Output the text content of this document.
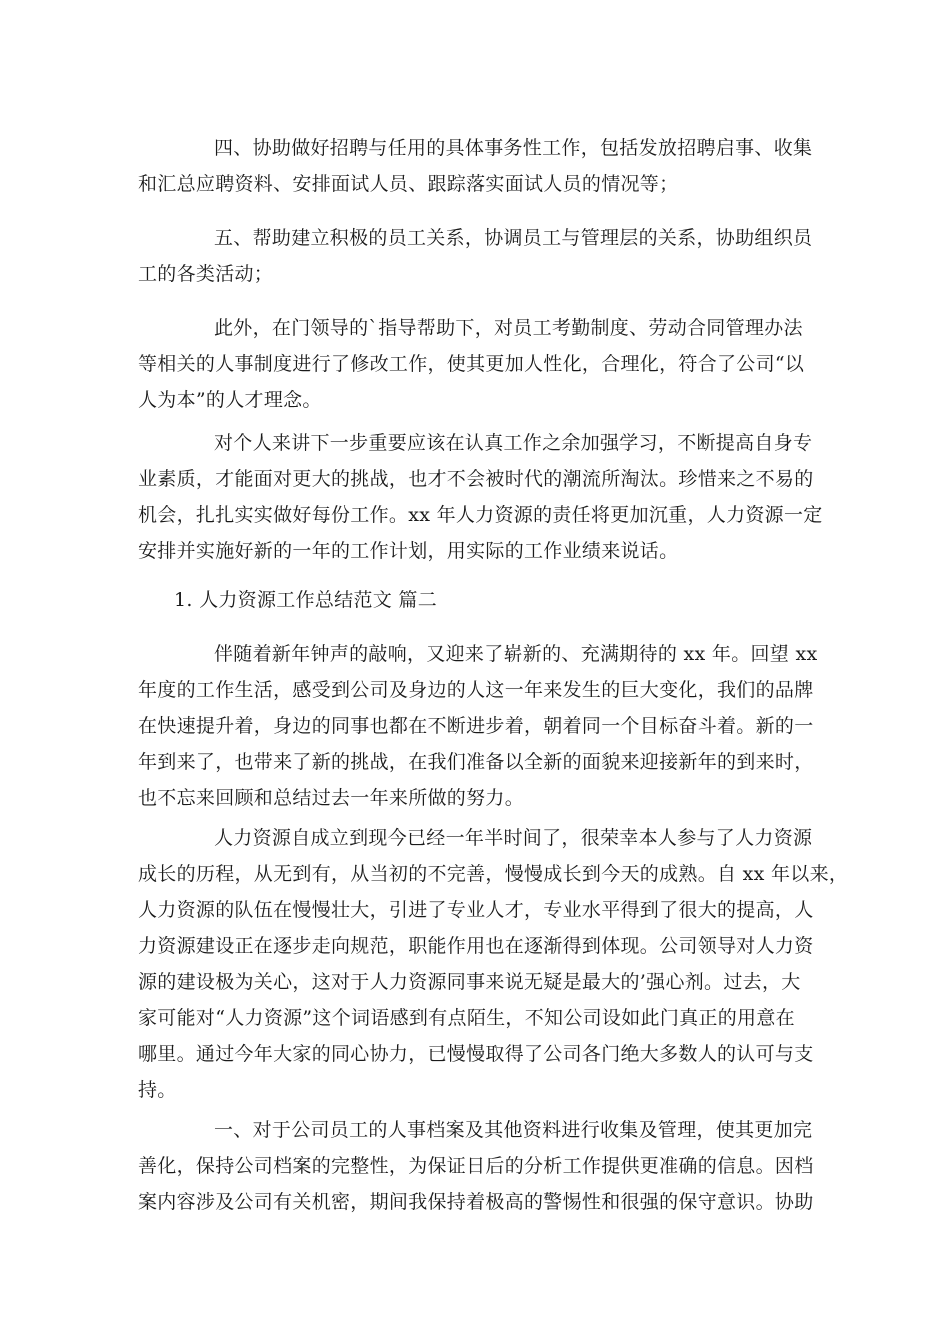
四、协助做好招聘与任用的具体事务性工作，包括发放招聘启事、收集
和汇总应聘资料、安排面试人员、跟踪落实面试人员的情况等；
五、帮助建立积极的员工关系，协调员工与管理层的关系，协助组织员
工的各类活动；
此外，在门领导的`指导帮助下，对员工考勤制度、劳动合同管理办法
等相关的人事制度进行了修改工作，使其更加人性化，合理化，符合了公司“以
人为本”的人才理念。
对个人来讲下一步重要应该在认真工作之余加强学习，不断提高自身专
业素质，才能面对更大的挑战，也才不会被时代的潮流所淘汰。珍惜来之不易的
机会，扎扎实实做好每份工作。xx 年人力资源的责任将更加沉重，人力资源一定
安排并实施好新的一年的工作计划，用实际的工作业绩来说话。
1. 人力资源工作总结范文 篇二
伴随着新年钟声的敲响，又迎来了崭新的、充满期待的 xx 年。回望 xx
年度的工作生活，感受到公司及身边的人这一年来发生的巨大变化，我们的品牌
在快速提升着，身边的同事也都在不断进步着，朝着同一个目标奋斗着。新的一
年到来了，也带来了新的挑战，在我们准备以全新的面貌来迎接新年的到来时，
也不忘来回顾和总结过去一年来所做的努力。
人力资源自成立到现今已经一年半时间了，很荣幸本人参与了人力资源
成长的历程，从无到有，从当初的不完善，慢慢成长到今天的成熟。自 xx 年以来，
人力资源的队伍在慢慢壮大，引进了专业人才，专业水平得到了很大的提高，人
力资源建设正在逐步走向规范，职能作用也在逐渐得到体现。公司领导对人力资
源的建设极为关心，这对于人力资源同事来说无疑是最大的’强心剂。过去，大
家可能对“人力资源”这个词语感到有点陌生，不知公司设如此门真正的用意在
哪里。通过今年大家的同心协力，已慢慢取得了公司各门绝大多数人的认可与支
持。
一、对于公司员工的人事档案及其他资料进行收集及管理，使其更加完
善化，保持公司档案的完整性，为保证日后的分析工作提供更准确的信息。因档
案内容涉及公司有关机密，期间我保持着极高的警惕性和很强的保守意识。协助
